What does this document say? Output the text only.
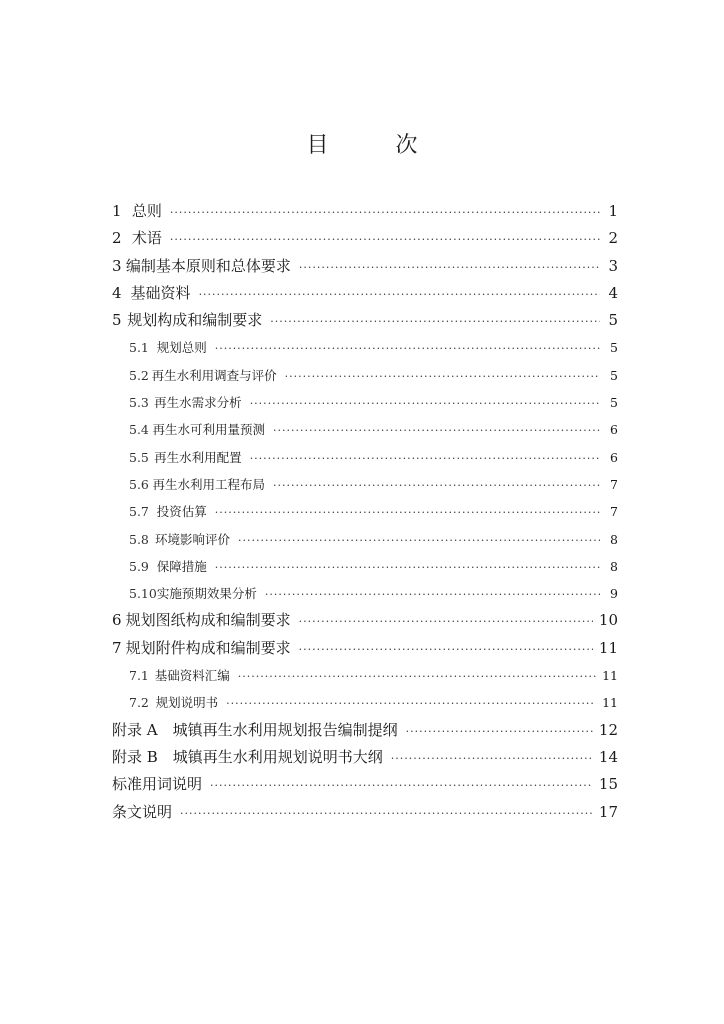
目	次
1 总则 ·····	1
2 术语 ·····	2
3 编制基本原则和总体要求 ·····	3
4 基础资料 ·····	4
5 规划构成和编制要求 ·····	5
5.1 规划总则 ·····	5
5.2 再生水利用调查与评价 ·····	5
5.3 再生水需求分析 ·····	5
5.4 再生水可利用量预测 ·····	6
5.5 再生水利用配置 ·····	6
5.6 再生水利用工程布局 ·····	7
5.7 投资估算 ·····	7
5.8 环境影响评价 ·····	8
5.9 保障措施 ·····	8
5.10 实施预期效果分析 ·····	9
6 规划图纸构成和编制要求 ·····	10
7 规划附件构成和编制要求 ·····	11
7.1 基础资料汇编 ·····	11
7.2 规划说明书 ·····	11
附录 A　城镇再生水利用规划报告编制提纲 ·····	12
附录 B　城镇再生水利用规划说明书大纲 ·····	14
标准用词说明 ·····	15
条文说明 ·····	17
